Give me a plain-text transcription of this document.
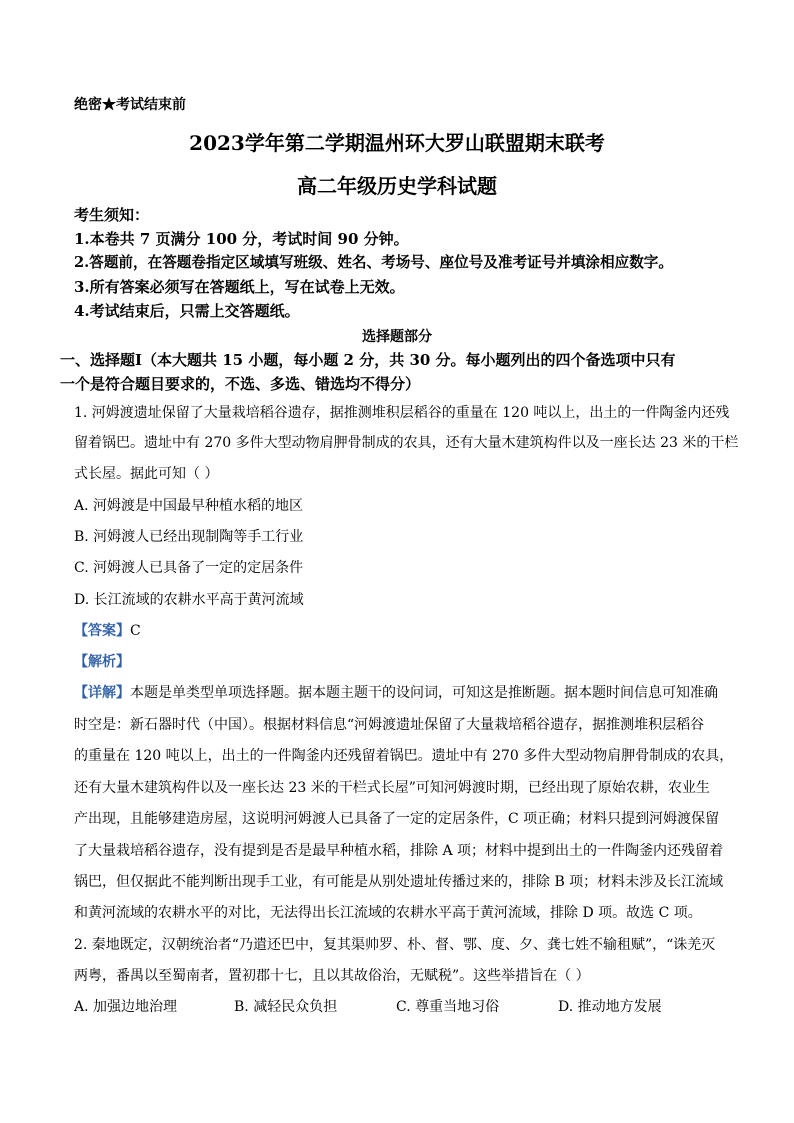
绝密★考试结束前
2023学年第二学期温州环大罗山联盟期末联考
高二年级历史学科试题
考生须知：
1.本卷共 7 页满分 100 分，考试时间 90 分钟。
2.答题前，在答题卷指定区域填写班级、姓名、考场号、座位号及准考证号并填涂相应数字。
3.所有答案必须写在答题纸上，写在试卷上无效。
4.考试结束后，只需上交答题纸。
选择题部分
一、选择题Ⅰ（本大题共 15 小题，每小题 2 分，共 30 分。每小题列出的四个备选项中只有
一个是符合题目要求的，不选、多选、错选均不得分）
1. 河姆渡遗址保留了大量栽培稻谷遗存，据推测堆积层稻谷的重量在 120 吨以上，出土的一件陶釜内还残
留着锅巴。遗址中有 270 多件大型动物肩胛骨制成的农具，还有大量木建筑构件以及一座长达 23 米的干栏
式长屋。据此可知（ ）
A. 河姆渡是中国最早种植水稻的地区
B. 河姆渡人已经出现制陶等手工行业
C. 河姆渡人已具备了一定的定居条件
D. 长江流域的农耕水平高于黄河流域
【答案】C
【解析】
【详解】本题是单类型单项选择题。据本题主题干的设问词，可知这是推断题。据本题时间信息可知准确
时空是：新石器时代（中国）。根据材料信息“河姆渡遗址保留了大量栽培稻谷遗存，据推测堆积层稻谷
的重量在 120 吨以上，出土的一件陶釜内还残留着锅巴。遗址中有 270 多件大型动物肩胛骨制成的农具，
还有大量木建筑构件以及一座长达 23 米的干栏式长屋”可知河姆渡时期，已经出现了原始农耕，农业生
产出现，且能够建造房屋，这说明河姆渡人已具备了一定的定居条件，C 项正确；材料只提到河姆渡保留
了大量栽培稻谷遗存，没有提到是否是最早种植水稻，排除 A 项；材料中提到出土的一件陶釜内还残留着
锅巴，但仅据此不能判断出现手工业，有可能是从别处遗址传播过来的，排除 B 项；材料未涉及长江流域
和黄河流域的农耕水平的对比，无法得出长江流域的农耕水平高于黄河流域，排除 D 项。故选 C 项。
2. 秦地既定，汉朝统治者“乃遣还巴中，复其渠帅罗、朴、督、鄂、度、夕、龚七姓不输租赋”，“诛羌灭
两粤，番禺以至蜀南者，置初郡十七，且以其故俗治，无赋税”。这些举措旨在（ ）
A. 加强边地治理	B. 减轻民众负担	C. 尊重当地习俗	D. 推动地方发展
